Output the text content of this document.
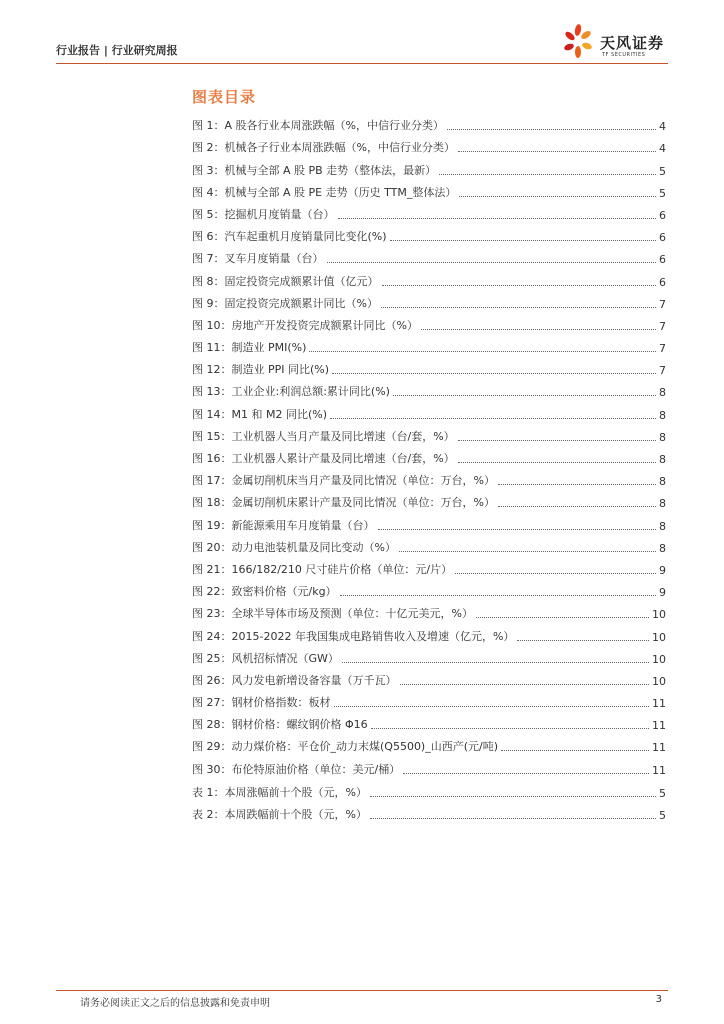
行业报告 | 行业研究周报	天风证券
TF SECURITIES
图表目录
图 1：A 股各行业本周涨跌幅（%，中信行业分类）	4
图 2：机械各子行业本周涨跌幅（%，中信行业分类）	4
图 3：机械与全部 A 股 PB 走势（整体法，最新）	5
图 4：机械与全部 A 股 PE 走势（历史 TTM_整体法）	5
图 5：挖掘机月度销量（台）	6
图 6：汽车起重机月度销量同比变化(%)	6
图 7：叉车月度销量（台）	6
图 8：固定投资完成额累计值（亿元）	6
图 9：固定投资完成额累计同比（%）	7
图 10：房地产开发投资完成额累计同比（%）	7
图 11：制造业 PMI(%)	7
图 12：制造业 PPI 同比(%)	7
图 13：工业企业:利润总额:累计同比(%)	8
图 14：M1 和 M2 同比(%)	8
图 15：工业机器人当月产量及同比增速（台/套，%）	8
图 16：工业机器人累计产量及同比增速（台/套，%）	8
图 17：金属切削机床当月产量及同比情况（单位：万台，%）	8
图 18：金属切削机床累计产量及同比情况（单位：万台，%）	8
图 19：新能源乘用车月度销量（台）	8
图 20：动力电池装机量及同比变动（%）	8
图 21：166/182/210 尺寸硅片价格（单位：元/片）	9
图 22：致密料价格（元/kg）	9
图 23：全球半导体市场及预测（单位：十亿元美元，%）	10
图 24：2015-2022 年我国集成电路销售收入及增速（亿元，%）	10
图 25：风机招标情况（GW）	10
图 26：风力发电新增设备容量（万千瓦）	10
图 27：钢材价格指数：板材	11
图 28：钢材价格：螺纹钢价格 Φ16	11
图 29：动力煤价格：平仓价_动力末煤(Q5500)_山西产(元/吨)	11
图 30：布伦特原油价格（单位：美元/桶）	11
表 1：本周涨幅前十个股（元，%）	5
表 2：本周跌幅前十个股（元，%）	5
请务必阅读正文之后的信息披露和免责申明	3
